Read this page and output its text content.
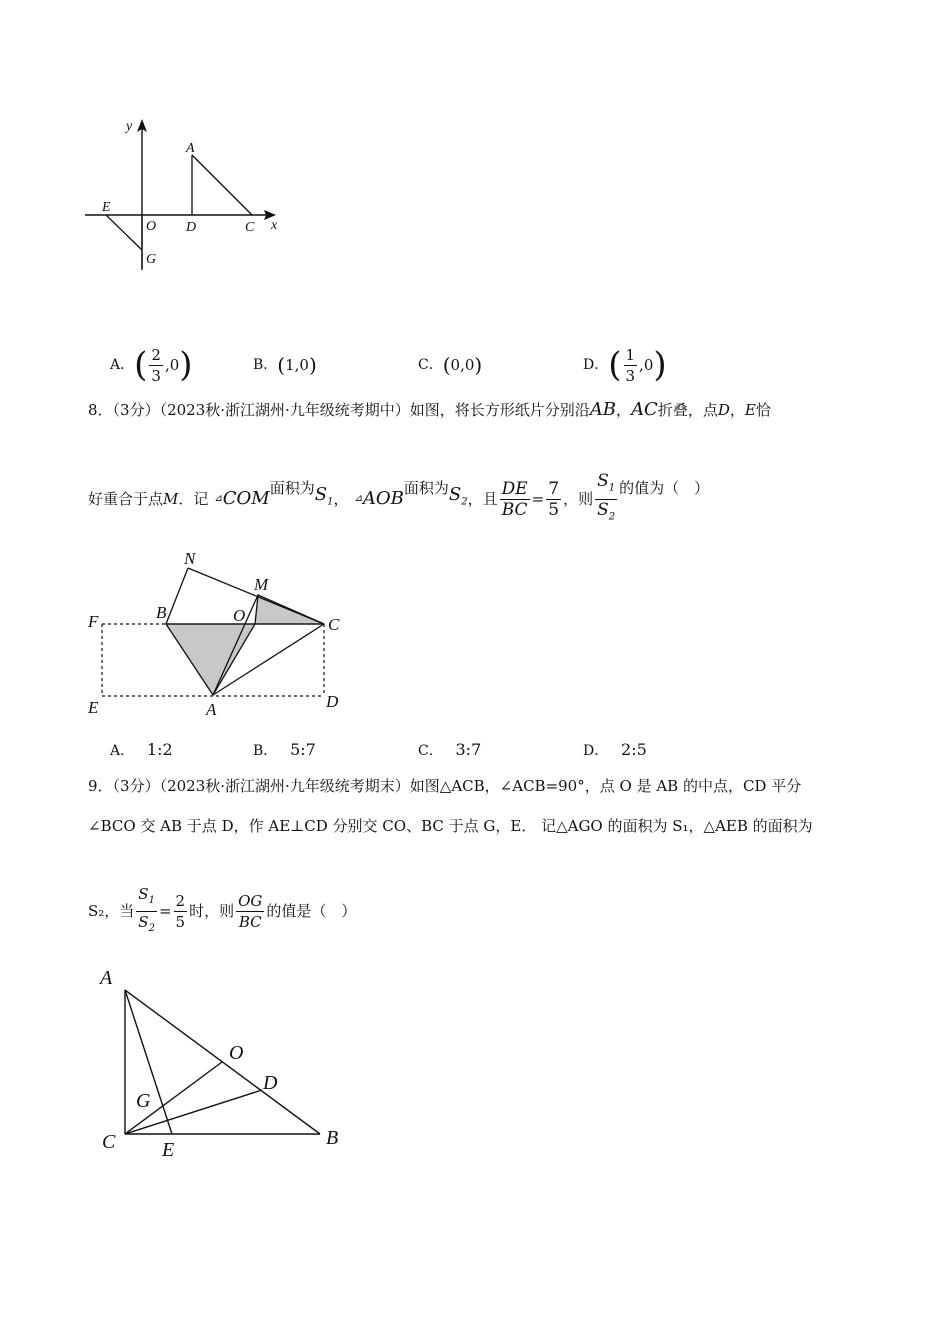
y
x
A
E
O D	C
G
A． ( $\frac{2}{3} ,0$ )	B． ( 1,0 )	C． ( 0,0 )	D． ( $\frac{1}{3} ,0$ )
8．（3分）（2023秋·浙江湖州·九年级统考期中）如图，将长方形纸片分别沿AB，AC折叠，点D，E恰
好重合于点 M ．记 ⊿ COM 面积为 $S_1$ ， ⊿ AOB 面积为 $S_2$ ，且 $\frac{DE}{BC} = \frac{7}{5}$ ，则 $\frac{S_1}{S_2}$ 的值为（　）
N
M
B	O	C
F
E	A	D
A． 1:2	B． 5:7	C． 3:7	D． 2:5
9．（3分）（2023秋·浙江湖州·九年级统考期末）如图△ACB，∠ACB=90°，点 O 是 AB 的中点，CD 平分
∠BCO 交 AB 于点 D，作 AE⊥CD 分别交 CO、BC 于点 G，E． 记△AGO 的面积为 S₁，△AEB 的面积为
S₂，当 $\frac{S_1}{S_2} = \frac{2}{5}$ 时，则 $\frac{OG}{BC}$ 的值是（　）
A
O
D
G
C E
B
